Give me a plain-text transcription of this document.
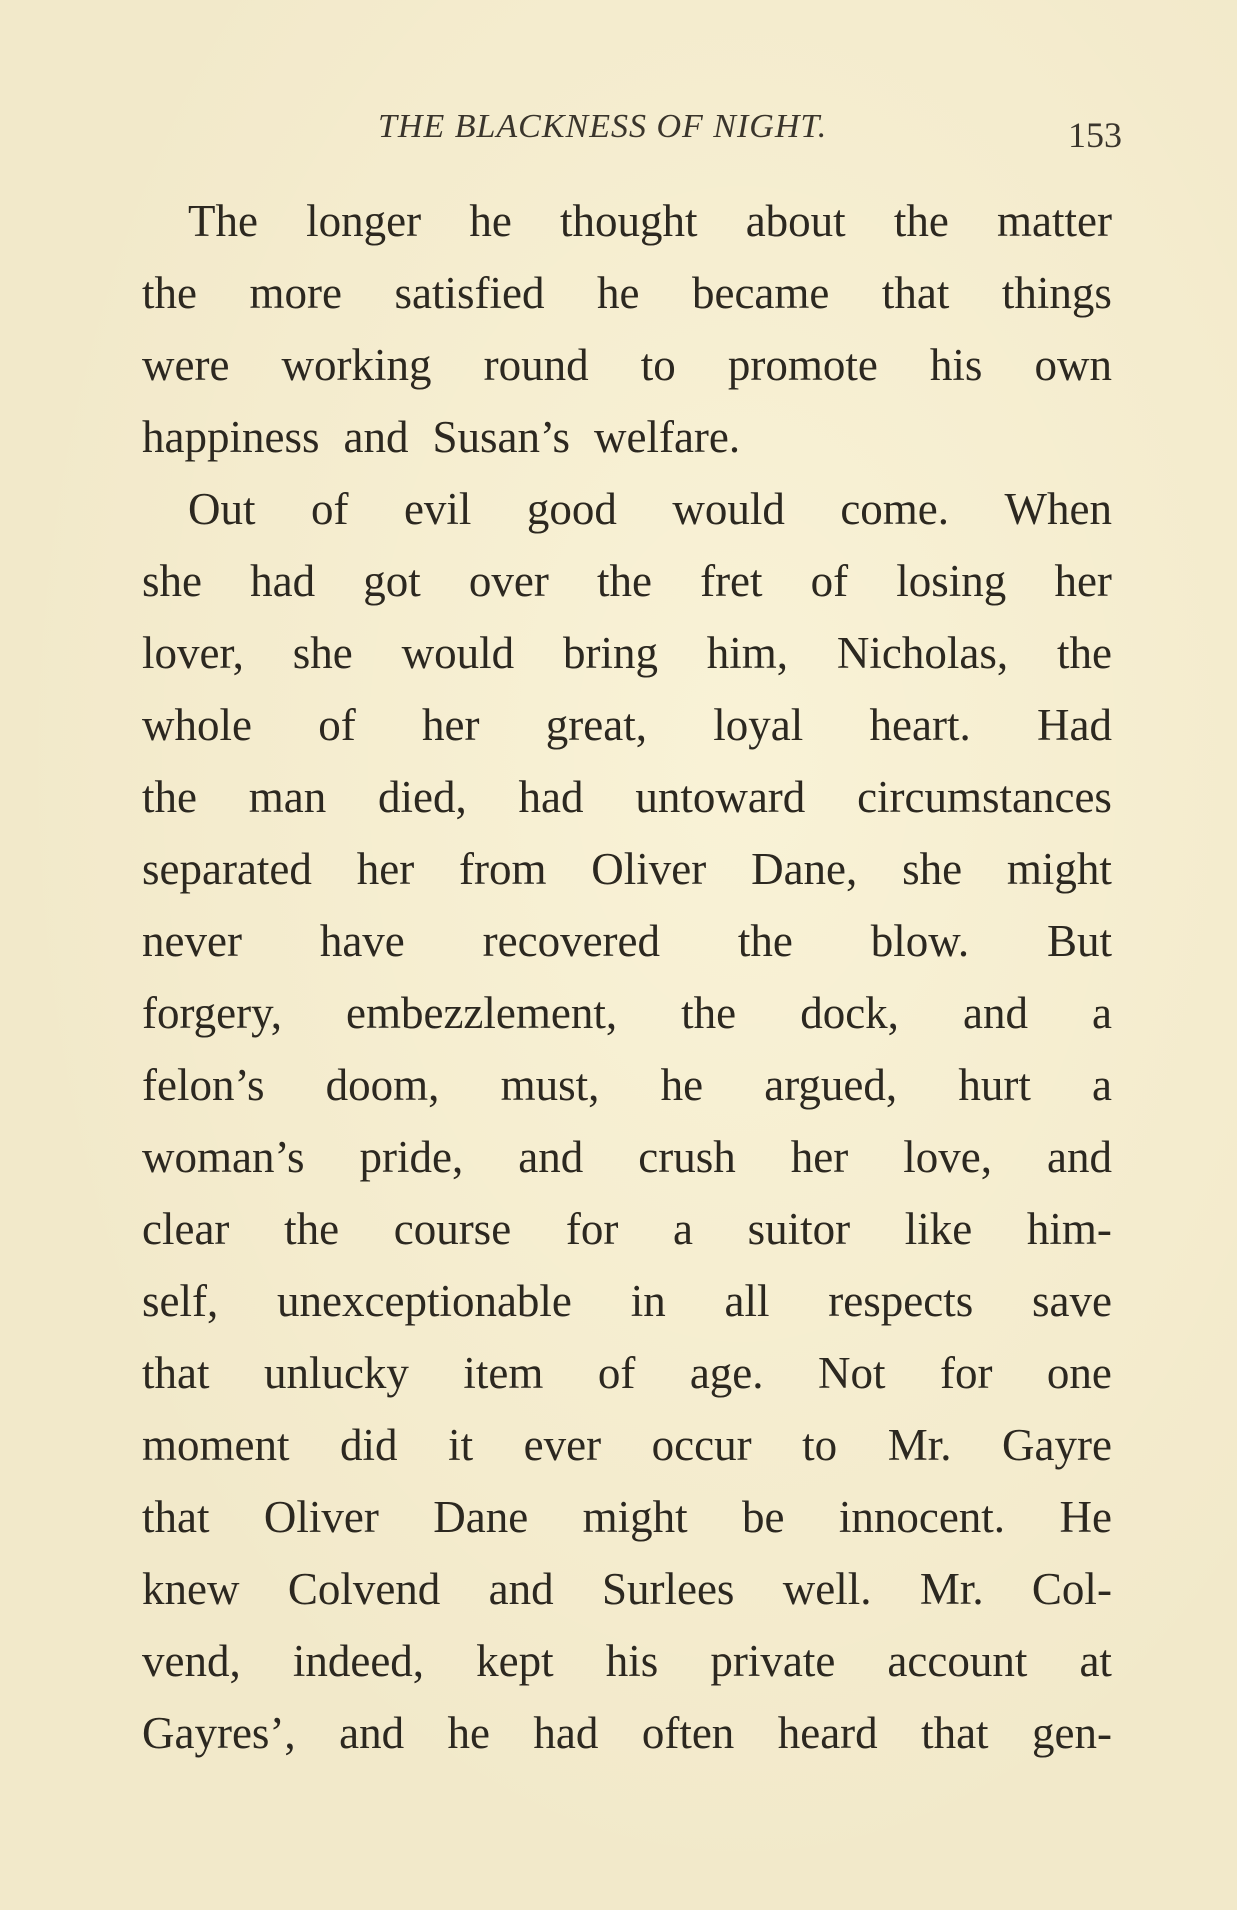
THE BLACKNESS OF NIGHT.	153
The longer he thought about the matter
the more satisfied he became that things
were working round to promote his own
happiness and Susan’s welfare.
Out of evil good would come. When
she had got over the fret of losing her
lover, she would bring him, Nicholas, the
whole of her great, loyal heart. Had
the man died, had untoward circumstances
separated her from Oliver Dane, she might
never have recovered the blow. But
forgery, embezzlement, the dock, and a
felon’s doom, must, he argued, hurt a
woman’s pride, and crush her love, and
clear the course for a suitor like him-
self, unexceptionable in all respects save
that unlucky item of age. Not for one
moment did it ever occur to Mr. Gayre
that Oliver Dane might be innocent. He
knew Colvend and Surlees well. Mr. Col-
vend, indeed, kept his private account at
Gayres’, and he had often heard that gen-
